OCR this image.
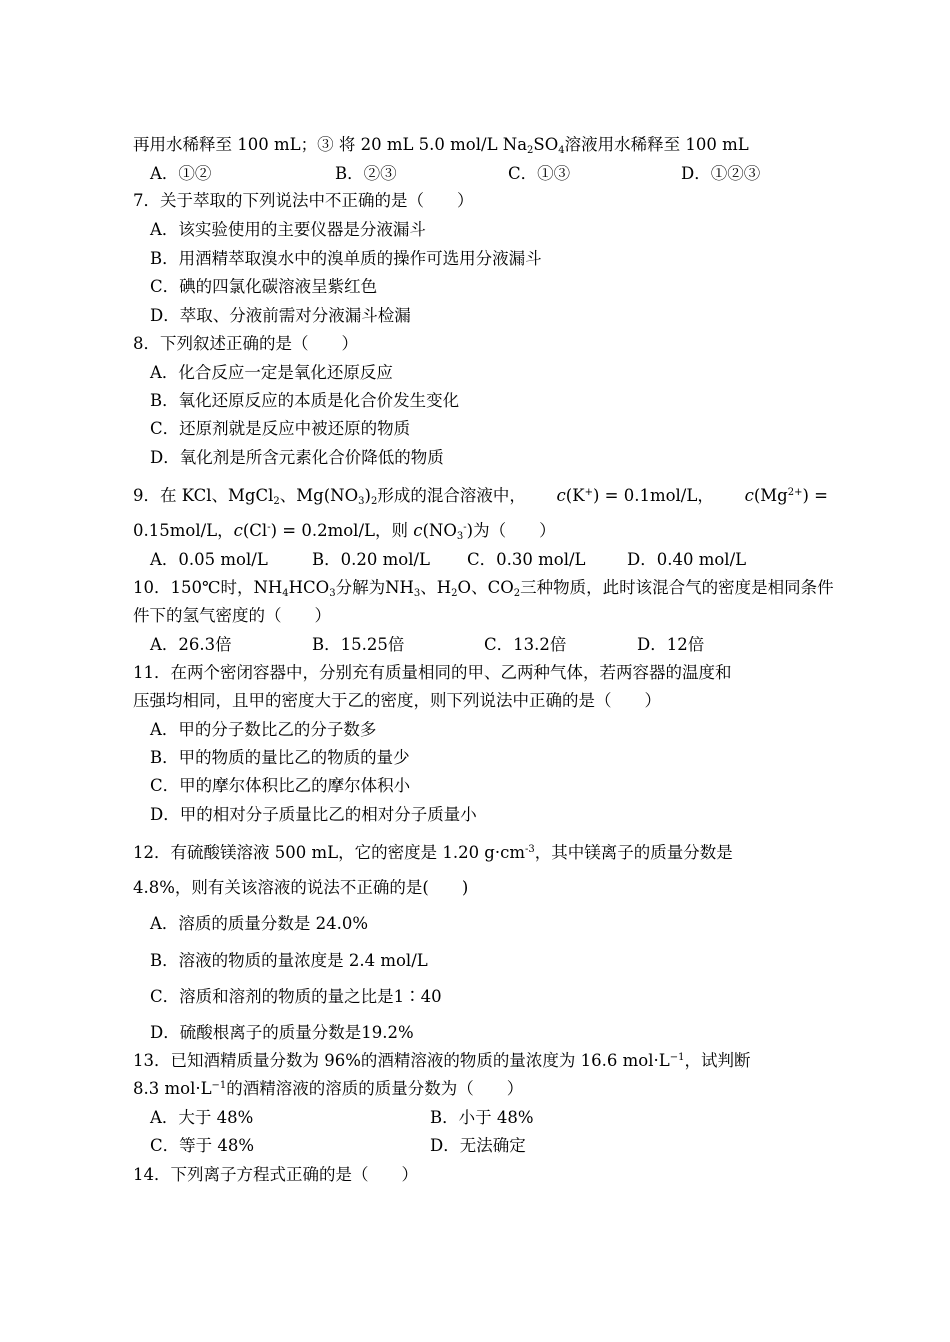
再用水稀释至 100 mL；③ 将 20 mL 5.0 mol/L $Na_2SO_4$溶液用水稀释至 100 mL
A．①②	B．②③	C．①③	D．①②③
7．关于萃取的下列说法中不正确的是（　　）
A．该实验使用的主要仪器是分液漏斗
B．用酒精萃取溴水中的溴单质的操作可选用分液漏斗
C．碘的四氯化碳溶液呈紫红色
D．萃取、分液前需对分液漏斗检漏
8．下列叙述正确的是（　　）
A．化合反应一定是氧化还原反应
B．氧化还原反应的本质是化合价发生变化
C．还原剂就是反应中被还原的物质
D．氧化剂是所含元素化合价降低的物质
9．在 KCl、MgCl$_2$、$Mg(NO_3)_2$形成的混合溶液中， c(K+) = 0.1mol/L， $c(Mg^{2+})$ =
0.15mol/L，c(Cl-) = 0.2mol/L，则 $c(NO_3^-)$为（　　）
A．0.05 mol/L	B．0.20 mol/L C．0.30 mol/L	D．0.40 mol/L
10．150℃时，$NH_4HCO_3$分解为$NH_3$、$H_2O$、$CO_2$三种物质，此时该混合气的密度是相同条件
件下的氢气密度的（　　）
A．26.3倍	B．15.25倍	C．13.2倍	D．12倍
11．在两个密闭容器中，分别充有质量相同的甲、乙两种气体，若两容器的温度和
压强均相同，且甲的密度大于乙的密度，则下列说法中正确的是（　　）
A．甲的分子数比乙的分子数多
B．甲的物质的量比乙的物质的量少
C．甲的摩尔体积比乙的摩尔体积小
D．甲的相对分子质量比乙的相对分子质量小
12．有硫酸镁溶液 500 mL，它的密度是 1.20 $g\cdot cm^{-3}$，其中镁离子的质量分数是
4.8%，则有关该溶液的说法不正确的是(　　)
A．溶质的质量分数是 24.0%
B．溶液的物质的量浓度是 2.4 mol/L
C．溶质和溶剂的物质的量之比是1∶40
D．硫酸根离子的质量分数是19.2%
13．已知酒精质量分数为 96%的酒精溶液的物质的量浓度为 16.6 $mol\cdot L^{-1}$，试判断
8.3 $mol\cdot L^{-1}$的酒精溶液的溶质的质量分数为（　　）
A．大于 48%	B．小于 48%
C．等于 48%	D．无法确定
14．下列离子方程式正确的是（　　）
